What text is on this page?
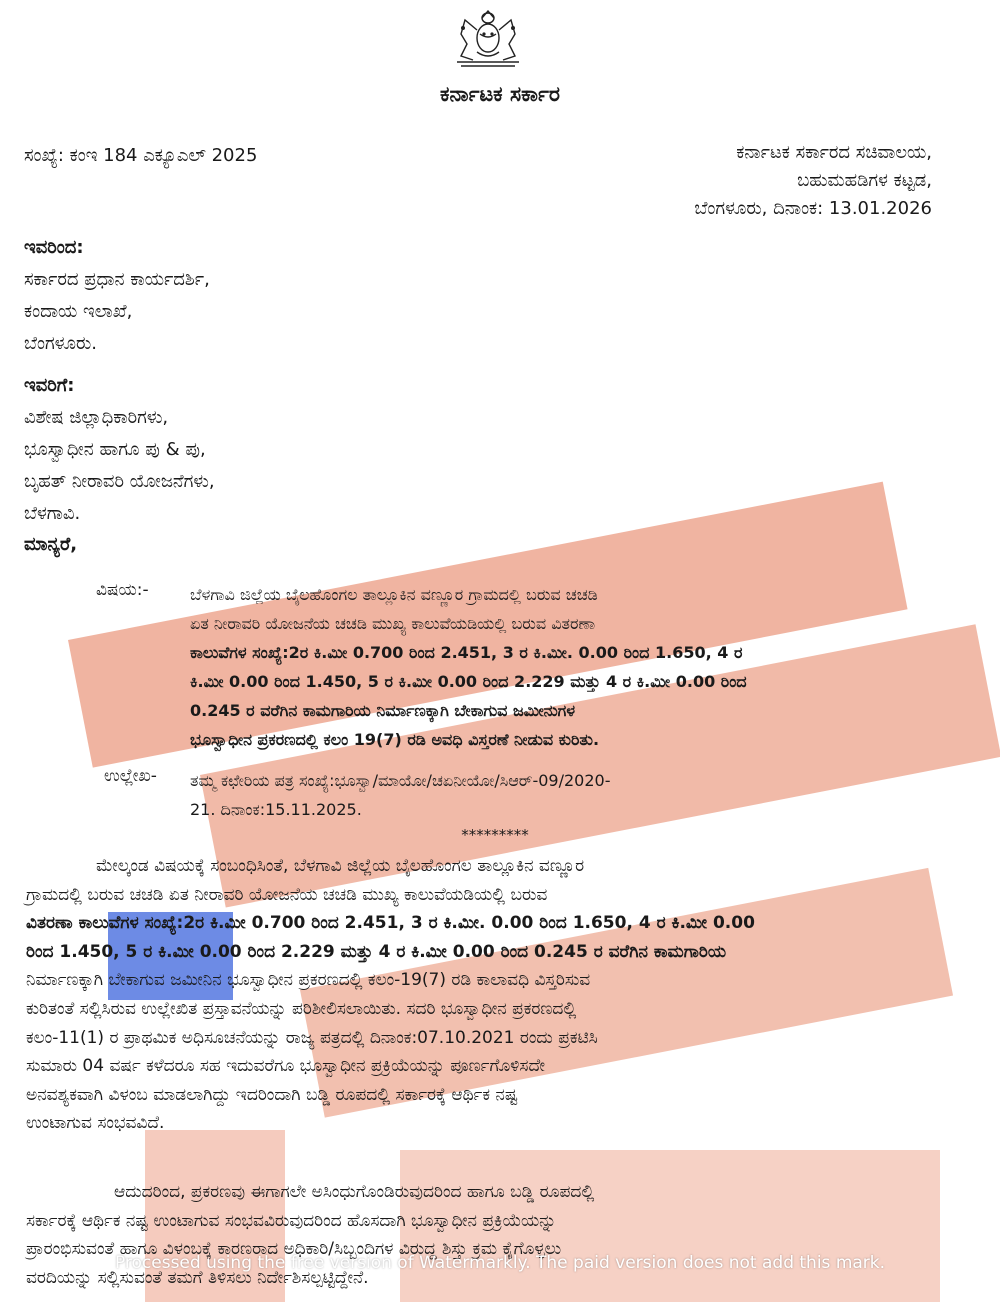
ಕರ್ನಾಟಕ ಸರ್ಕಾರ
ಸಂಖ್ಯೆ: ಕಂಇ 184 ಎಕ್ಯೂಎಲ್ 2025	ಕರ್ನಾಟಕ ಸರ್ಕಾರದ ಸಚಿವಾಲಯ,
ಬಹುಮಹಡಿಗಳ ಕಟ್ಟಡ,
ಬೆಂಗಳೂರು, ದಿನಾಂಕ: 13.01.2026
ಇವರಿಂದ:
ಸರ್ಕಾರದ ಪ್ರಧಾನ ಕಾರ್ಯದರ್ಶಿ,
ಕಂದಾಯ ಇಲಾಖೆ,
ಬೆಂಗಳೂರು.
ಇವರಿಗೆ:
ವಿಶೇಷ ಜಿಲ್ಲಾಧಿಕಾರಿಗಳು,
ಭೂಸ್ವಾಧೀನ ಹಾಗೂ ಪು & ಪು,
ಬೃಹತ್ ನೀರಾವರಿ ಯೋಜನೆಗಳು,
ಬೆಳಗಾವಿ.
ಮಾನ್ಯರೆ,
ವಿಷಯ:-	ಬೆಳಗಾವಿ ಜಿಲ್ಲೆಯ ಬೈಲಹೊಂಗಲ ತಾಲ್ಲೂಕಿನ ವಣ್ಣೂರ ಗ್ರಾಮದಲ್ಲಿ ಬರುವ ಚಚಡಿ
ಏತ ನೀರಾವರಿ ಯೋಜನೆಯ ಚಚಡಿ ಮುಖ್ಯ ಕಾಲುವೆಯಡಿಯಲ್ಲಿ ಬರುವ ವಿತರಣಾ
ಕಾಲುವೆಗಳ ಸಂಖ್ಯೆ:2ರ ಕಿ.ಮೀ 0.700 ರಿಂದ 2.451, 3 ರ ಕಿ.ಮೀ. 0.00 ರಿಂದ 1.650, 4 ರ
ಕಿ.ಮೀ 0.00 ರಿಂದ 1.450, 5 ರ ಕಿ.ಮೀ 0.00 ರಿಂದ 2.229 ಮತ್ತು 4 ರ ಕಿ.ಮೀ 0.00 ರಿಂದ
0.245 ರ ವರೆಗಿನ ಕಾಮಗಾರಿಯ ನಿರ್ಮಾಣಕ್ಕಾಗಿ ಬೇಕಾಗುವ ಜಮೀನುಗಳ
ಭೂಸ್ವಾಧೀನ ಪ್ರಕರಣದಲ್ಲಿ ಕಲಂ 19(7) ರಡಿ ಅವಧಿ ವಿಸ್ತರಣೆ ನೀಡುವ ಕುರಿತು.
ಉಲ್ಲೇಖ- ತಮ್ಮ ಕಛೇರಿಯ ಪತ್ರ ಸಂಖ್ಯೆ:ಭೂಸ್ವಾ/ಮಾಯೋ/ಚಏನೀಯೋ/ಸಿಆರ್-09/2020-
21. ದಿನಾಂಕ:15.11.2025.
*********
ಮೇಲ್ಕಂಡ ವಿಷಯಕ್ಕೆ ಸಂಬಂಧಿಸಿಂತೆ, ಬೆಳಗಾವಿ ಜಿಲ್ಲೆಯ ಬೈಲಹೊಂಗಲ ತಾಲ್ಲೂಕಿನ ವಣ್ಣೂರ
ಗ್ರಾಮದಲ್ಲಿ ಬರುವ ಚಚಡಿ ಏತ ನೀರಾವರಿ ಯೋಜನೆಯ ಚಚಡಿ ಮುಖ್ಯ ಕಾಲುವೆಯಡಿಯಲ್ಲಿ ಬರುವ
ವಿತರಣಾ ಕಾಲುವೆಗಳ ಸಂಖ್ಯೆ:2ರ ಕಿ.ಮೀ 0.700 ರಿಂದ 2.451, 3 ರ ಕಿ.ಮೀ. 0.00 ರಿಂದ 1.650, 4 ರ ಕಿ.ಮೀ 0.00
ರಿಂದ 1.450, 5 ರ ಕಿ.ಮೀ 0.00 ರಿಂದ 2.229 ಮತ್ತು 4 ರ ಕಿ.ಮೀ 0.00 ರಿಂದ 0.245 ರ ವರೆಗಿನ ಕಾಮಗಾರಿಯ
ನಿರ್ಮಾಣಕ್ಕಾಗಿ ಬೇಕಾಗುವ ಜಮೀನಿನ ಭೂಸ್ವಾಧೀನ ಪ್ರಕರಣದಲ್ಲಿ ಕಲಂ-19(7) ರಡಿ ಕಾಲಾವಧಿ ವಿಸ್ತರಿಸುವ
ಕುರಿತಂತೆ ಸಲ್ಲಿಸಿರುವ ಉಲ್ಲೇಖಿತ ಪ್ರಸ್ತಾವನೆಯನ್ನು ಪರಿಶೀಲಿಸಲಾಯಿತು. ಸದರಿ ಭೂಸ್ವಾಧೀನ ಪ್ರಕರಣದಲ್ಲಿ
ಕಲಂ-11(1) ರ ಪ್ರಾಥಮಿಕ ಅಧಿಸೂಚನೆಯನ್ನು ರಾಜ್ಯ ಪತ್ರದಲ್ಲಿ ದಿನಾಂಕ:07.10.2021 ರಂದು ಪ್ರಕಟಿಸಿ
ಸುಮಾರು 04 ವರ್ಷ ಕಳೆದರೂ ಸಹ ಇದುವರೆಗೂ ಭೂಸ್ವಾಧೀನ ಪ್ರಕ್ರಿಯೆಯನ್ನು ಪೂರ್ಣಗೊಳಿಸದೇ
ಅನವಶ್ಯಕವಾಗಿ ವಿಳಂಬ ಮಾಡಲಾಗಿದ್ದು ಇದರಿಂದಾಗಿ ಬಡ್ಡಿ ರೂಪದಲ್ಲಿ ಸರ್ಕಾರಕ್ಕೆ ಆರ್ಥಿಕ ನಷ್ಟ
ಉಂಟಾಗುವ ಸಂಭವವಿದೆ.
ಆದುದರಿಂದ, ಪ್ರಕರಣವು ಈಗಾಗಲೇ ಅಸಿಂಧುಗೊಂಡಿರುವುದರಿಂದ ಹಾಗೂ ಬಡ್ಡಿ ರೂಪದಲ್ಲಿ
ಸರ್ಕಾರಕ್ಕೆ ಆರ್ಥಿಕ ನಷ್ಟ ಉಂಟಾಗುವ ಸಂಭವವಿರುವುದರಿಂದ ಹೊಸದಾಗಿ ಭೂಸ್ವಾಧೀನ ಪ್ರಕ್ರಿಯೆಯನ್ನು
ಪ್ರಾರಂಭಿಸುವಂತೆ ಹಾಗೂ ವಿಳಂಬಕ್ಕೆ ಕಾರಣರಾದ ಅಧಿಕಾರಿ/ಸಿಬ್ಬಂದಿಗಳ ವಿರುದ್ಧ ಶಿಸ್ತು ಕ್ರಮ ಕೈಗೊಳ್ಳಲು
ವರದಿಯನ್ನು ಸಲ್ಲಿಸುವಂತೆ ತಮಗೆ ತಿಳಿಸಲು ನಿರ್ದೇಶಿಸಲ್ಪಟ್ಟಿದ್ದೇನೆ.
Processed using the free version of Watermarkly. The paid version does not add this mark.
